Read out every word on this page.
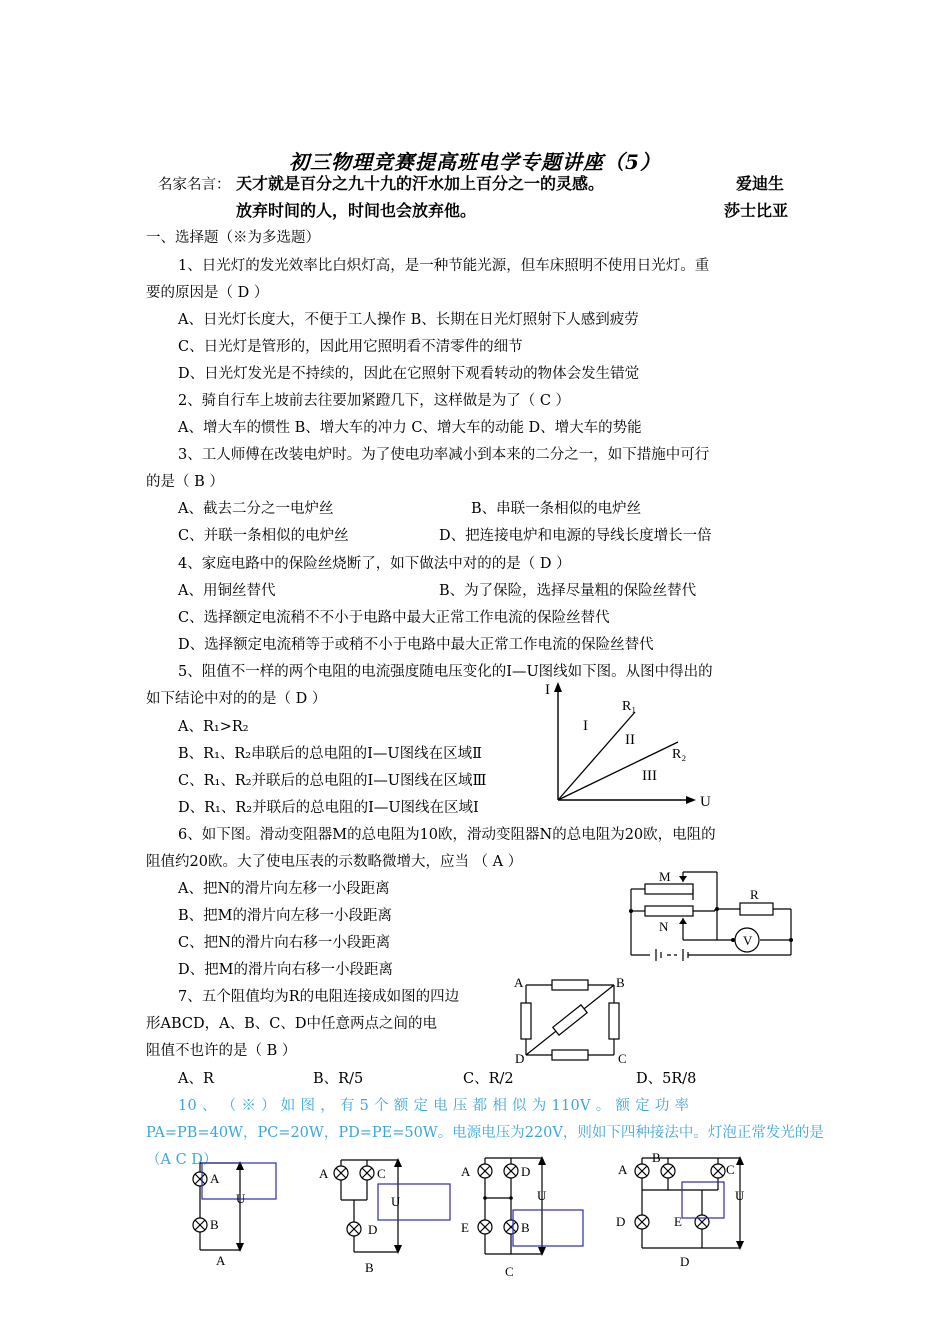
初三物理竞赛提高班电学专题讲座（5）
名家名言： 天才就是百分之九十九的汗水加上百分之一的灵感。	爱迪生
放弃时间的人，时间也会放弃他。	莎士比亚
一、选择题（※为多选题）
1、日光灯的发光效率比白炽灯高，是一种节能光源，但车床照明不使用日光灯。重
要的原因是（ D ）
A、日光灯长度大，不便于工人操作 B、长期在日光灯照射下人感到疲劳
C、日光灯是管形的，因此用它照明看不清零件的细节
D、日光灯发光是不持续的，因此在它照射下观看转动的物体会发生错觉
2、骑自行车上坡前去往要加紧蹬几下，这样做是为了（ C ）
A、增大车的惯性 B、增大车的冲力 C、增大车的动能 D、增大车的势能
3、工人师傅在改装电炉时。为了使电功率减小到本来的二分之一，如下措施中可行
的是（ B ）
A、截去二分之一电炉丝	B、串联一条相似的电炉丝
C、并联一条相似的电炉丝	D、把连接电炉和电源的导线长度增长一倍
4、家庭电路中的保险丝烧断了，如下做法中对的的是（ D ）
A、用铜丝替代	B、为了保险，选择尽量粗的保险丝替代
C、选择额定电流稍不不小于电路中最大正常工作电流的保险丝替代
D、选择额定电流稍等于或稍不小于电路中最大正常工作电流的保险丝替代
5、阻值不一样的两个电阻的电流强度随电压变化的I—U图线如下图。从图中得出的
如下结论中对的的是（ D ）
A、R₁>R₂
B、R₁、R₂串联后的总电阻的I—U图线在区域Ⅱ
C、R₁、R₂并联后的总电阻的I—U图线在区域Ⅲ
D、R₁、R₂并联后的总电阻的I—U图线在区域Ⅰ
I
U
R₁
R₂
I
II
III
6、如下图。滑动变阻器M的总电阻为10欧，滑动变阻器N的总电阻为20欧，电阻的
阻值约20欧。大了使电压表的示数略微增大，应当 （ A ）
A、把N的滑片向左移一小段距离
B、把M的滑片向左移一小段距离
C、把N的滑片向右移一小段距离
D、把M的滑片向右移一小段距离
M
N
R
V
7、五个阻值均为R的电阻连接成如图的四边
形ABCD，A、B、C、D中任意两点之间的电
阻值不也许的是（ B ）
A、R	B、R/5	C、R/2	D、5R/8
A	B
C
D
10 、 （ ※ ） 如 图 ， 有 5 个 额 定 电 压 都 相 似 为 110V 。 额 定 功 率
PA=PB=40W，PC=20W，PD=PE=50W。电源电压为220V，则如下四种接法中。灯泡正常发光的是
（A C D）
A
B
U
A
A	C
D
U
B
A	D
E	B
U
C
A
B
C
D	E
U
D
